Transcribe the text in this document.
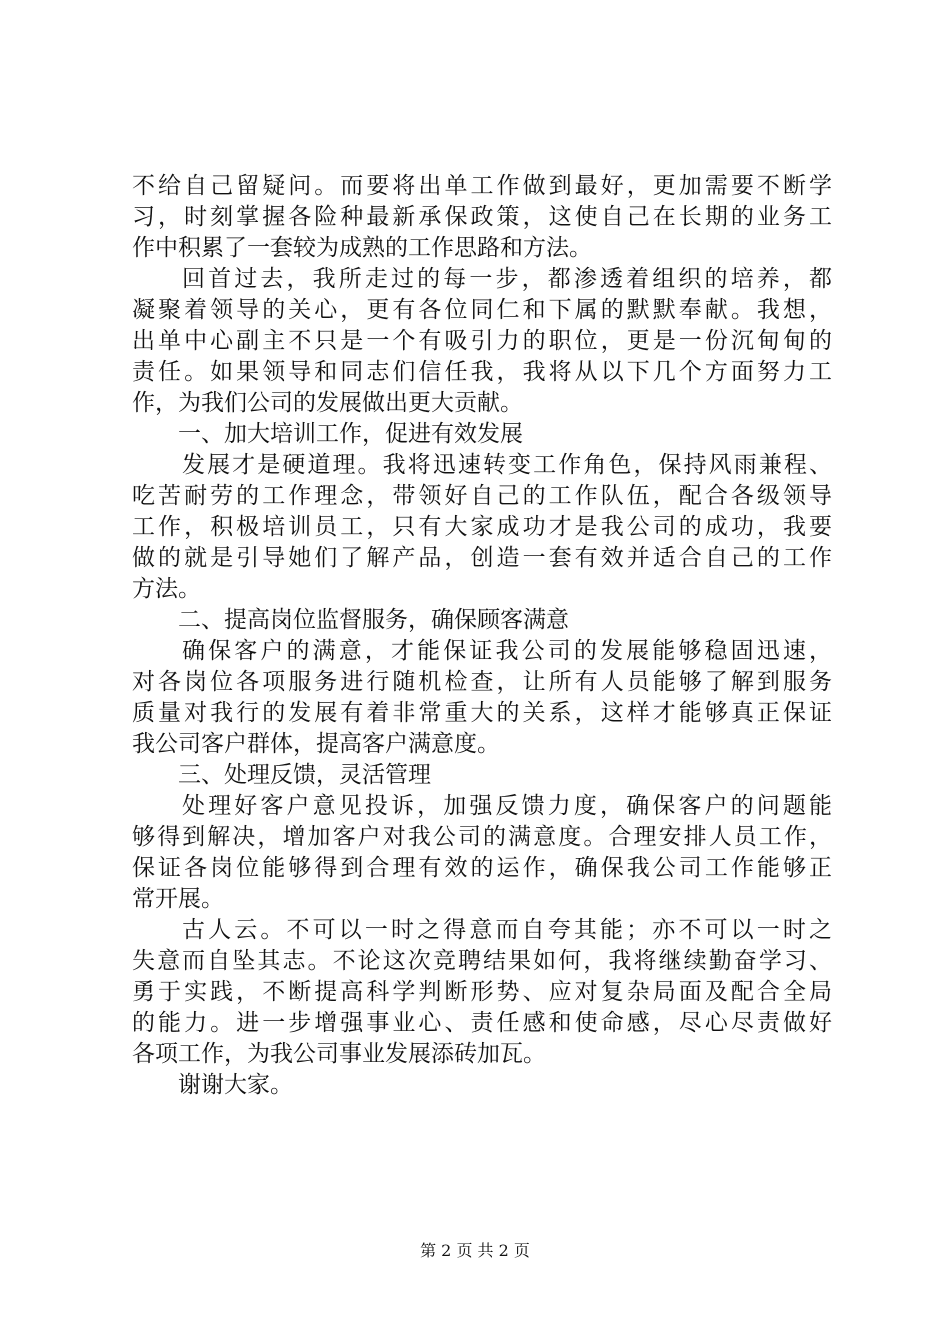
不给自己留疑问。而要将出单工作做到最好，更加需要不断学
习，时刻掌握各险种最新承保政策，这使自己在长期的业务工
作中积累了一套较为成熟的工作思路和方法。
回首过去，我所走过的每一步，都渗透着组织的培养，都
凝聚着领导的关心，更有各位同仁和下属的默默奉献。我想，
出单中心副主不只是一个有吸引力的职位，更是一份沉甸甸的
责任。如果领导和同志们信任我，我将从以下几个方面努力工
作，为我们公司的发展做出更大贡献。
一、加大培训工作，促进有效发展
发展才是硬道理。我将迅速转变工作角色，保持风雨兼程、
吃苦耐劳的工作理念，带领好自己的工作队伍，配合各级领导
工作，积极培训员工，只有大家成功才是我公司的成功，我要
做的就是引导她们了解产品，创造一套有效并适合自己的工作
方法。
二、提高岗位监督服务，确保顾客满意
确保客户的满意，才能保证我公司的发展能够稳固迅速，
对各岗位各项服务进行随机检查，让所有人员能够了解到服务
质量对我行的发展有着非常重大的关系，这样才能够真正保证
我公司客户群体，提高客户满意度。
三、处理反馈，灵活管理
处理好客户意见投诉，加强反馈力度，确保客户的问题能
够得到解决，增加客户对我公司的满意度。合理安排人员工作，
保证各岗位能够得到合理有效的运作，确保我公司工作能够正
常开展。
古人云。不可以一时之得意而自夸其能；亦不可以一时之
失意而自坠其志。不论这次竞聘结果如何，我将继续勤奋学习、
勇于实践，不断提高科学判断形势、应对复杂局面及配合全局
的能力。进一步增强事业心、责任感和使命感，尽心尽责做好
各项工作，为我公司事业发展添砖加瓦。
谢谢大家。
第 2 页 共 2 页
